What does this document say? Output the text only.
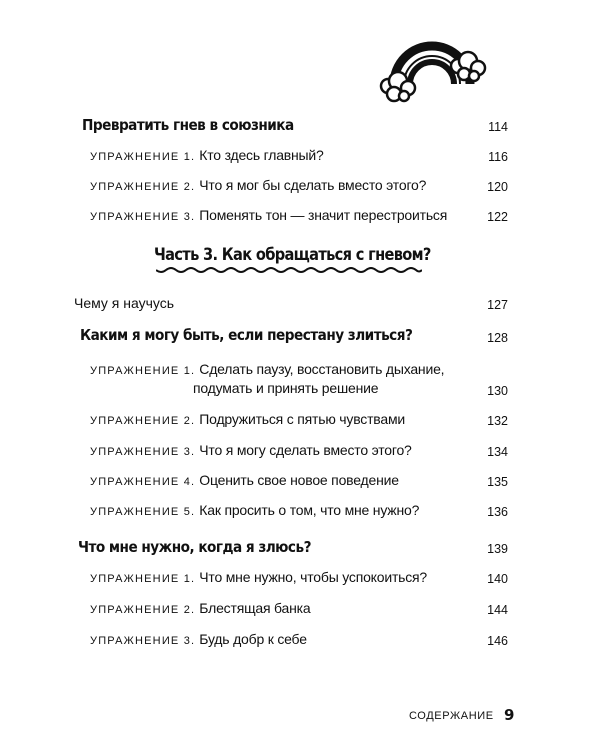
Превратить гнев в союзника	114
УПРАЖНЕНИЕ 1. Кто здесь главный?	116
УПРАЖНЕНИЕ 2. Что я мог бы сделать вместо этого?	120
УПРАЖНЕНИЕ 3. Поменять тон — значит перестроиться	122
Часть 3. Как обращаться с гневом?
Чему я научусь	127
Каким я могу быть, если перестану злиться?	128
УПРАЖНЕНИЕ 1. Сделать паузу, восстановить дыхание,
подумать и принять решение	130
УПРАЖНЕНИЕ 2. Подружиться с пятью чувствами	132
УПРАЖНЕНИЕ 3. Что я могу сделать вместо этого?	134
УПРАЖНЕНИЕ 4. Оценить свое новое поведение	135
УПРАЖНЕНИЕ 5. Как просить о том, что мне нужно?	136
Что мне нужно, когда я злюсь?	139
УПРАЖНЕНИЕ 1. Что мне нужно, чтобы успокоиться?	140
УПРАЖНЕНИЕ 2. Блестящая банка	144
УПРАЖНЕНИЕ 3. Будь добр к себе	146
СОДЕРЖАНИЕ 9
